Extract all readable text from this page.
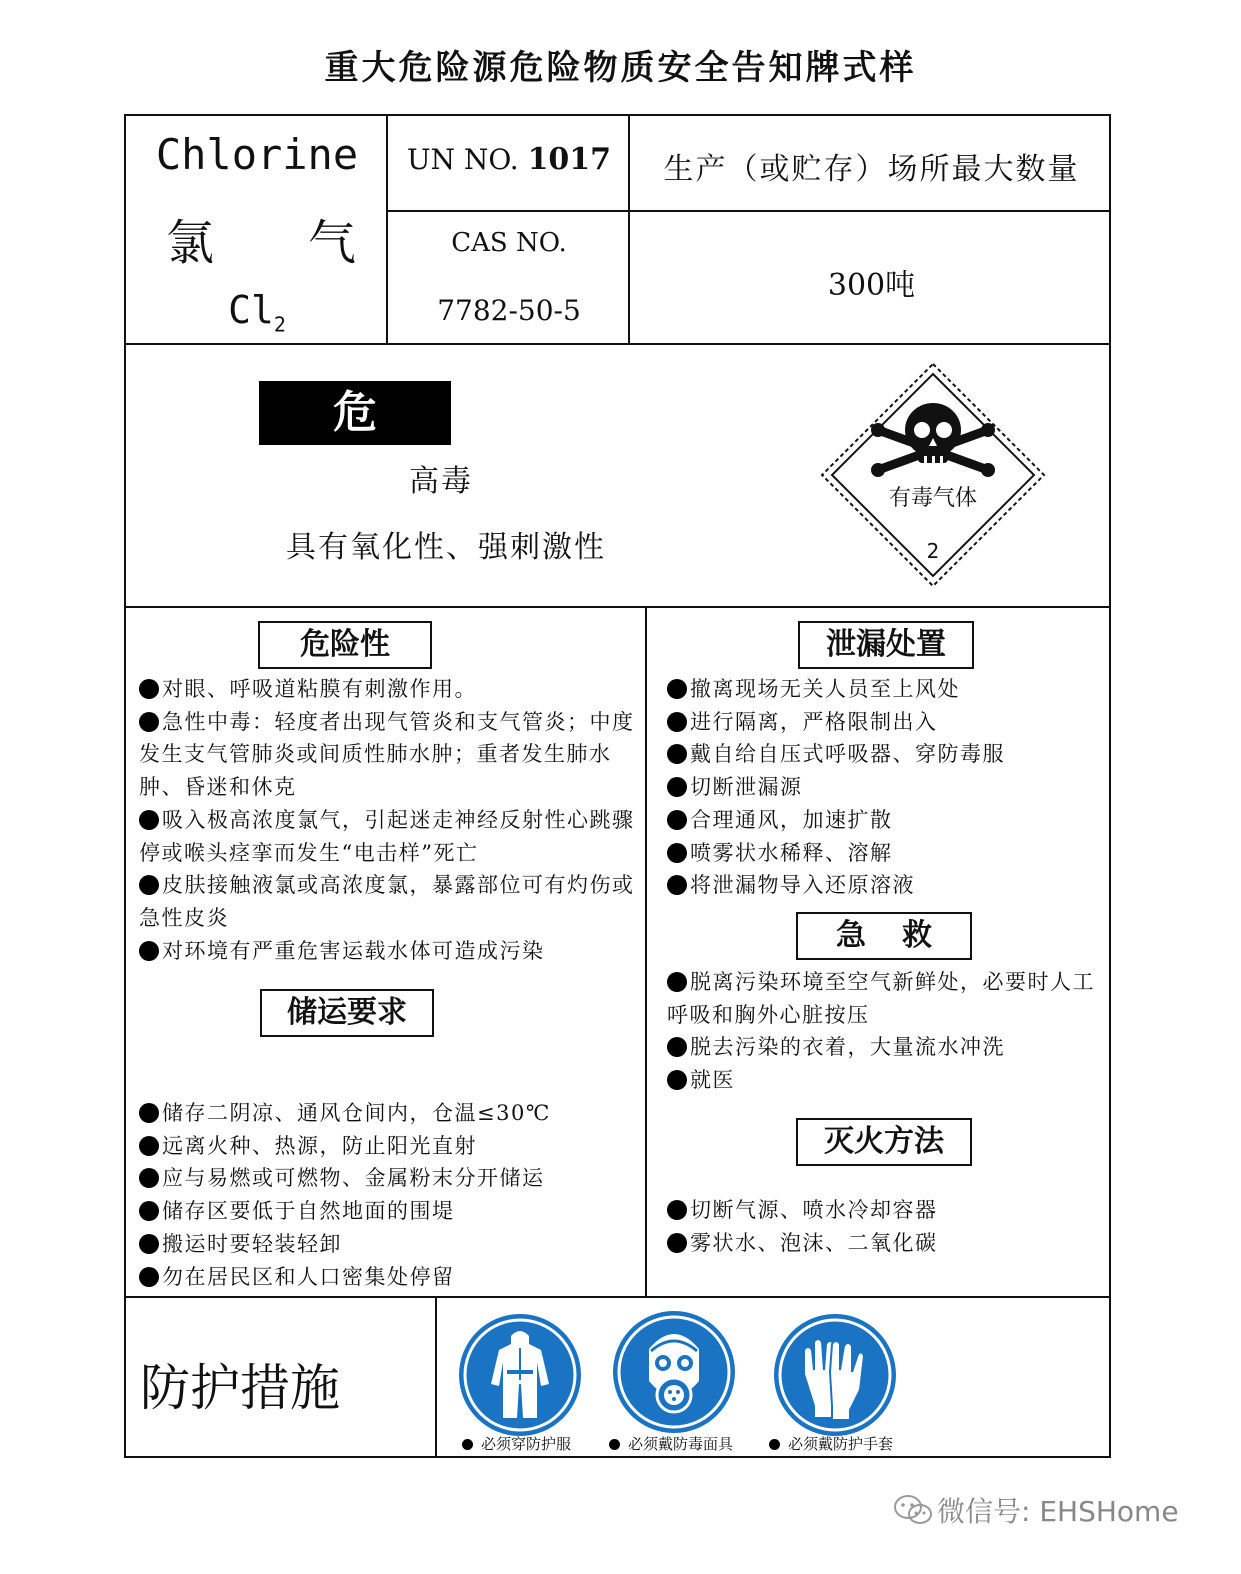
重大危险源危险物质安全告知牌式样
Chlorine
氯 气
$Cl_2$
UN NO. 1017
CAS NO.
7782-50-5
生产（或贮存）场所最大数量
300吨
危险
高毒
具有氧化性、强刺激性
有毒气体
2
危险性
对眼、呼吸道粘膜有刺激作用。
急性中毒：轻度者出现气管炎和支气管炎；中度发生支气管肺炎或间质性肺水肿；重者发生肺水肿、昏迷和休克
吸入极高浓度氯气，引起迷走神经反射性心跳骤停或喉头痉挛而发生“电击样”死亡
皮肤接触液氯或高浓度氯，暴露部位可有灼伤或急性皮炎
对环境有严重危害运载水体可造成污染
储运要求
储存二阴凉、通风仓间内，仓温≤30℃
远离火种、热源，防止阳光直射
应与易燃或可燃物、金属粉末分开储运
储存区要低于自然地面的围堤
搬运时要轻装轻卸
勿在居民区和人口密集处停留
泄漏处置
撤离现场无关人员至上风处
进行隔离，严格限制出入
戴自给自压式呼吸器、穿防毒服
切断泄漏源
合理通风，加速扩散
喷雾状水稀释、溶解
将泄漏物导入还原溶液
急救
脱离污染环境至空气新鲜处，必要时人工呼吸和胸外心脏按压
脱去污染的衣着，大量流水冲洗
就医
灭火方法
切断气源、喷水冷却容器
雾状水、泡沫、二氧化碳
防护措施
必须穿防护服	必须戴防毒面具	必须戴防护手套
微信号: EHSHome
